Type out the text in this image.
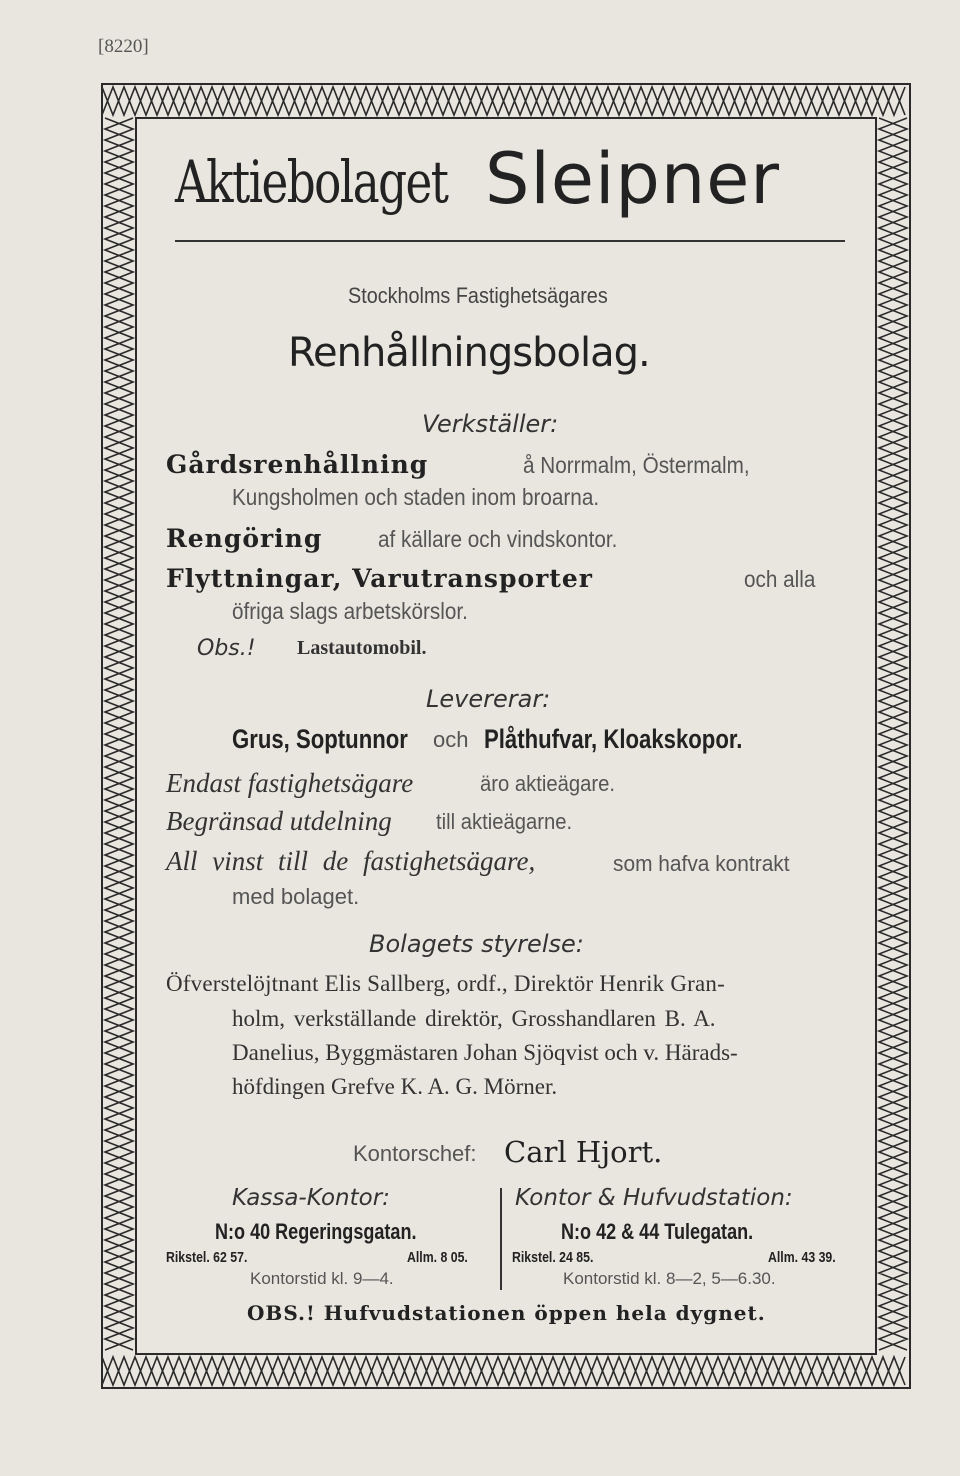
[8220]
Aktiebolaget Sleipner
Stockholms Fastighetsägares
Renhållningsbolag.
Verkställer:
Gårdsrenhållning	å Norrmalm, Östermalm,
Kungsholmen och staden inom broarna.
Rengöring af källare och vindskontor.
Flyttningar, Varutransporter	och alla
öfriga slags arbetskörslor.
Obs.! Lastautomobil.
Levererar:
Grus, Soptunnor och Plåthufvar, Kloakskopor.
Endast fastighetsägare	äro aktieägare.
Begränsad utdelning till aktieägarne.
All vinst till de fastighetsägare,	som hafva kontrakt
med bolaget.
Bolagets styrelse:
Öfverstelöjtnant Elis Sallberg, ordf., Direktör Henrik Gran-
holm, verkställande direktör, Grosshandlaren B. A.
Danelius, Byggmästaren Johan Sjöqvist och v. Härads-
höfdingen Grefve K. A. G. Mörner.
Kontorschef: Carl Hjort.
Kassa-Kontor:
N:o 40 Regeringsgatan.
Rikstel. 62 57.	Allm. 8 05.
Kontorstid kl. 9—4.
Kontor & Hufvudstation:
N:o 42 & 44 Tulegatan.
Rikstel. 24 85.	Allm. 43 39.
Kontorstid kl. 8—2, 5—6.30.
OBS.! Hufvudstationen öppen hela dygnet.
